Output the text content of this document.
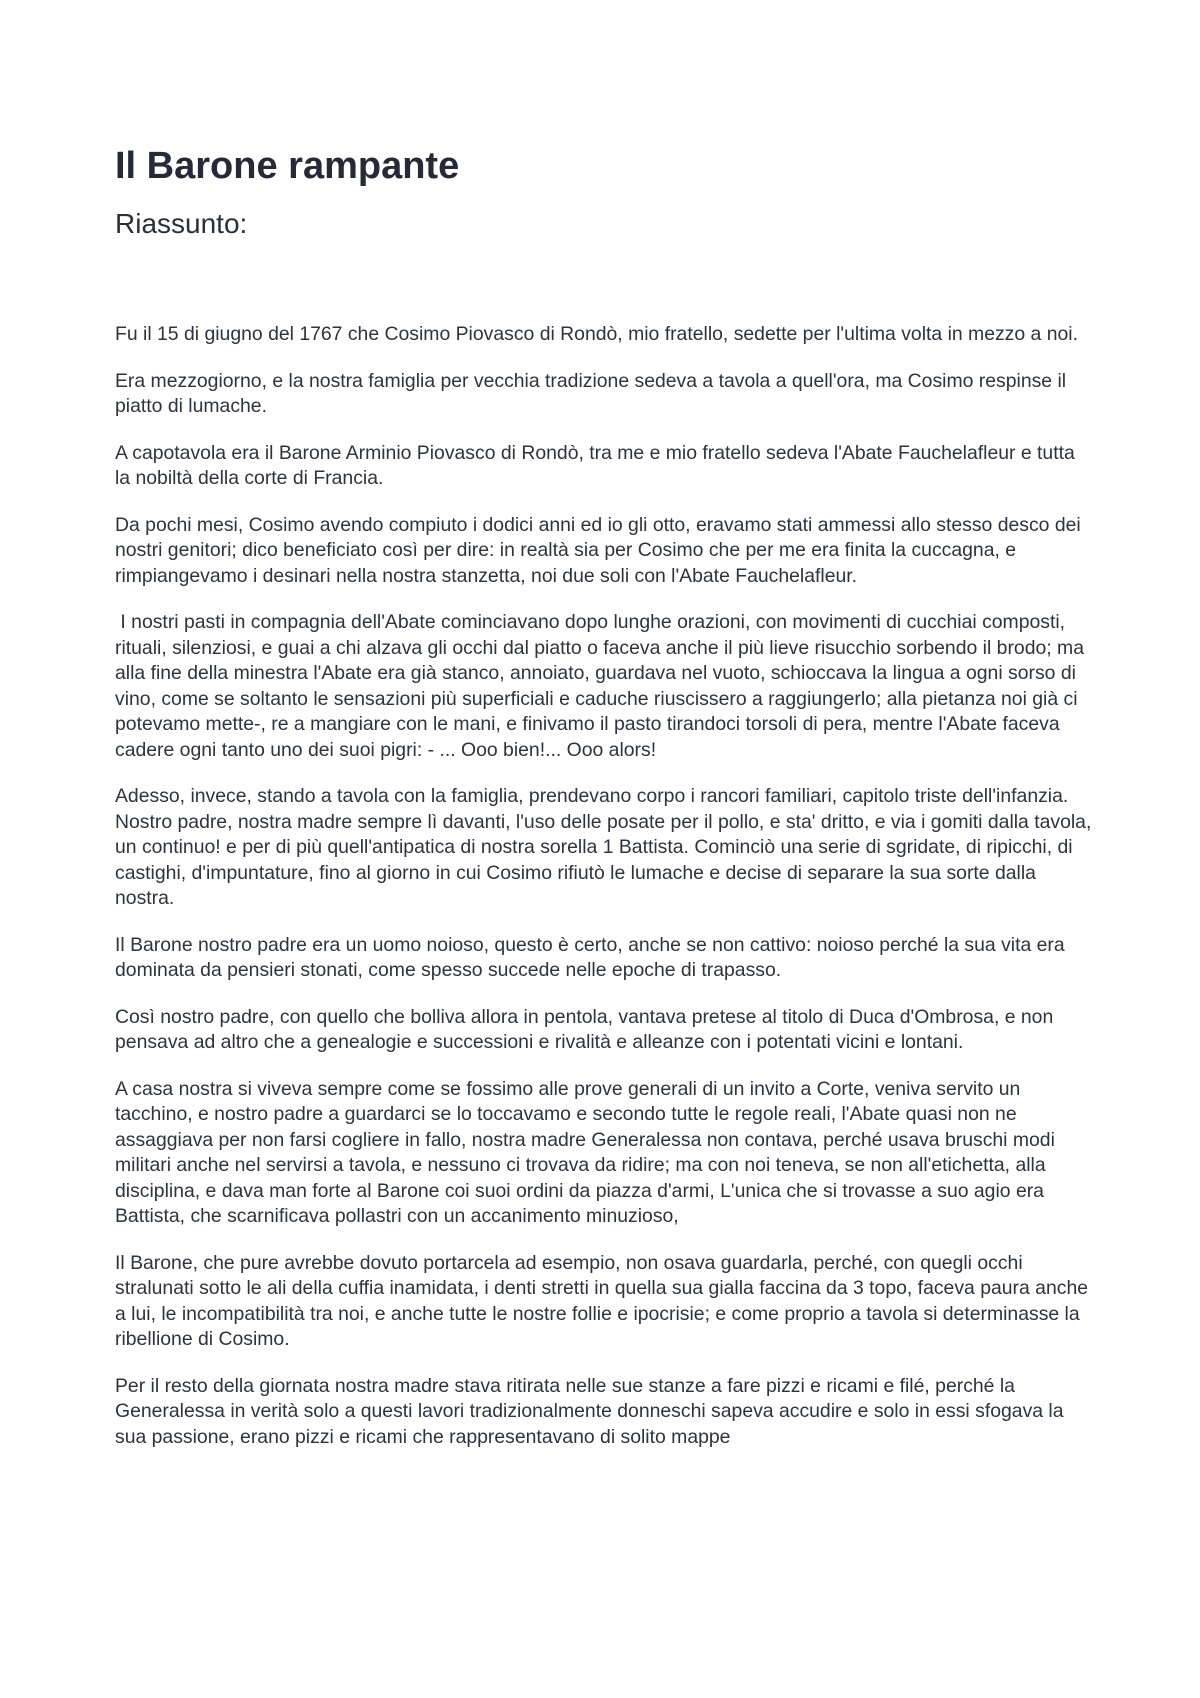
Il Barone rampante
Riassunto:

Fu il 15 di giugno del 1767 che Cosimo Piovasco di Rondò, mio fratello, sedette per l'ultima volta in mezzo a noi.

Era mezzogiorno, e la nostra famiglia per vecchia tradizione sedeva a tavola a quell'ora, ma Cosimo respinse il piatto di lumache.

A capotavola era il Barone Arminio Piovasco di Rondò, tra me e mio fratello sedeva l'Abate Fauchelafleur e tutta la nobiltà della corte di Francia.

Da pochi mesi, Cosimo avendo compiuto i dodici anni ed io gli otto, eravamo stati ammessi allo stesso desco dei nostri genitori; dico beneficiato così per dire: in realtà sia per Cosimo che per me era finita la cuccagna, e rimpiangevamo i desinari nella nostra stanzetta, noi due soli con l'Abate Fauchelafleur.

I nostri pasti in compagnia dell'Abate cominciavano dopo lunghe orazioni, con movimenti di cucchiai composti, rituali, silenziosi, e guai a chi alzava gli occhi dal piatto o faceva anche il più lieve risucchio sorbendo il brodo; ma alla fine della minestra l'Abate era già stanco, annoiato, guardava nel vuoto, schioccava la lingua a ogni sorso di vino, come se soltanto le sensazioni più superficiali e caduche riuscissero a raggiungerlo; alla pietanza noi già ci potevamo mette-, re a mangiare con le mani, e finivamo il pasto tirandoci torsoli di pera, mentre l'Abate faceva cadere ogni tanto uno dei suoi pigri: - ... Ooo bien!... Ooo alors!

Adesso, invece, stando a tavola con la famiglia, prendevano corpo i rancori familiari, capitolo triste dell'infanzia. Nostro padre, nostra madre sempre lì davanti, l'uso delle posate per il pollo, e sta' dritto, e via i gomiti dalla tavola, un continuo! e per di più quell'antipatica di nostra sorella 1 Battista. Cominciò una serie di sgridate, di ripicchi, di castighi, d'impuntature, fino al giorno in cui Cosimo rifiutò le lumache e decise di separare la sua sorte dalla nostra.

Il Barone nostro padre era un uomo noioso, questo è certo, anche se non cattivo: noioso perché la sua vita era dominata da pensieri stonati, come spesso succede nelle epoche di trapasso.

Così nostro padre, con quello che bolliva allora in pentola, vantava pretese al titolo di Duca d'Ombrosa, e non pensava ad altro che a genealogie e successioni e rivalità e alleanze con i potentati vicini e lontani.

A casa nostra si viveva sempre come se fossimo alle prove generali di un invito a Corte, veniva servito un tacchino, e nostro padre a guardarci se lo toccavamo e secondo tutte le regole reali, l'Abate quasi non ne assaggiava per non farsi cogliere in fallo, nostra madre Generalessa non contava, perché usava bruschi modi militari anche nel servirsi a tavola, e nessuno ci trovava da ridire; ma con noi teneva, se non all'etichetta, alla disciplina, e dava man forte al Barone coi suoi ordini da piazza d'armi, L'unica che si trovasse a suo agio era Battista, che scarnificava pollastri con un accanimento minuzioso,

Il Barone, che pure avrebbe dovuto portarcela ad esempio, non osava guardarla, perché, con quegli occhi stralunati sotto le ali della cuffia inamidata, i denti stretti in quella sua gialla faccina da 3 topo, faceva paura anche a lui, le incompatibilità tra noi, e anche tutte le nostre follie e ipocrisie; e come proprio a tavola si determinasse la ribellione di Cosimo.

Per il resto della giornata nostra madre stava ritirata nelle sue stanze a fare pizzi e ricami e filé, perché la Generalessa in verità solo a questi lavori tradizionalmente donneschi sapeva accudire e solo in essi sfogava la sua passione, erano pizzi e ricami che rappresentavano di solito mappe
